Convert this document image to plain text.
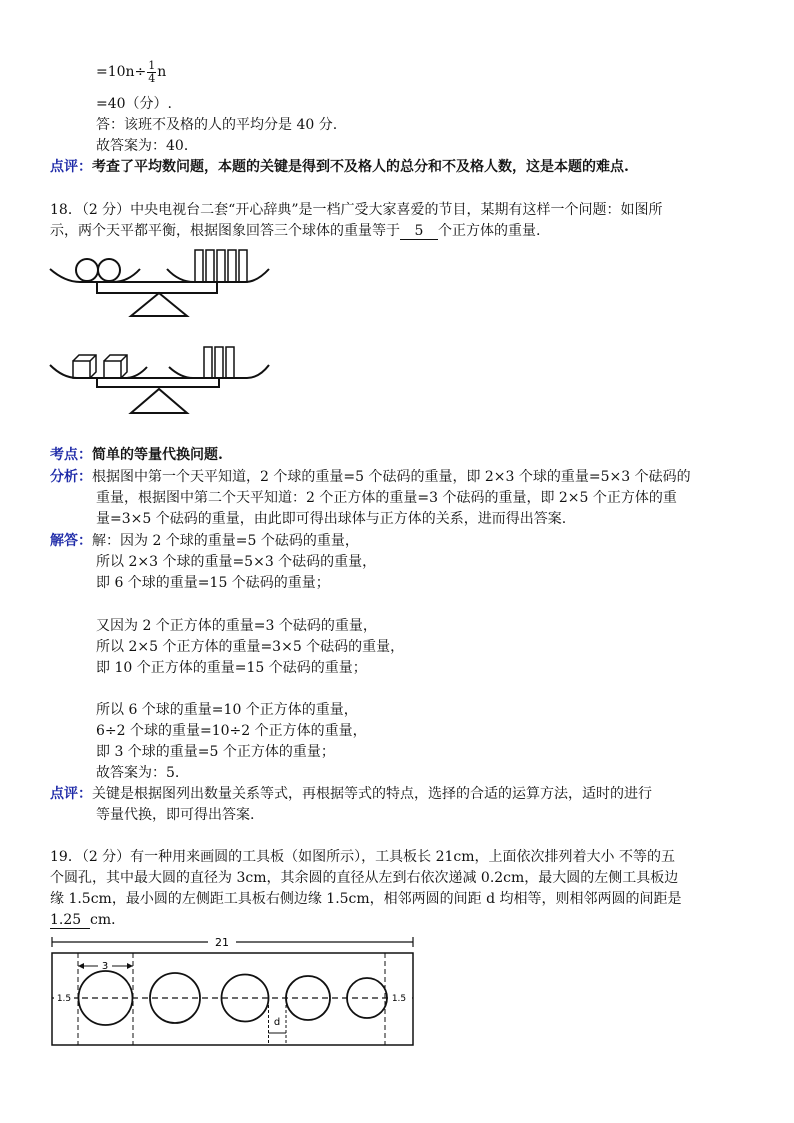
$=10n\div \frac{1}{4}$ n
=40（分）.
答：该班不及格的人的平均分是 40 分.
故答案为：40．
点评：考查了平均数问题，本题的关键是得到不及格人的总分和不及格人数，这是本题的难点.
18．（2 分）中央电视台二套“开心辞典”是一档广受大家喜爱的节目，某期有这样一个问题：如图所
示，两个天平都平衡，根据图象回答三个球体的重量等于 5 个正方体的重量.
考点：简单的等量代换问题.
分析：根据图中第一个天平知道，2 个球的重量=5 个砝码的重量，即 2×3 个球的重量=5×3 个砝码的
重量，根据图中第二个天平知道：2 个正方体的重量=3 个砝码的重量，即 2×5 个正方体的重
量=3×5 个砝码的重量，由此即可得出球体与正方体的关系，进而得出答案.
解答：解：因为 2 个球的重量=5 个砝码的重量，
所以 2×3 个球的重量=5×3 个砝码的重量，
即 6 个球的重量=15 个砝码的重量；
又因为 2 个正方体的重量=3 个砝码的重量，
所以 2×5 个正方体的重量=3×5 个砝码的重量，
即 10 个正方体的重量=15 个砝码的重量；
所以 6 个球的重量=10 个正方体的重量，
6÷2 个球的重量=10÷2 个正方体的重量，
即 3 个球的重量=5 个正方体的重量；
故答案为：5.
点评：关键是根据图列出数量关系等式，再根据等式的特点，选择的合适的运算方法，适时的进行
等量代换，即可得出答案.
19．（2 分）有一种用来画圆的工具板（如图所示），工具板长 21cm，上面依次排列着大小 不等的五
个圆孔，其中最大圆的直径为 3cm，其余圆的直径从左到右依次递减 0.2cm，最大圆的左侧工具板边
缘 1.5cm，最小圆的左侧距工具板右侧边缘 1.5cm，相邻两圆的间距 d 均相等，则相邻两圆的间距是
1.25 cm．
21
3
1.5	1.5
d
